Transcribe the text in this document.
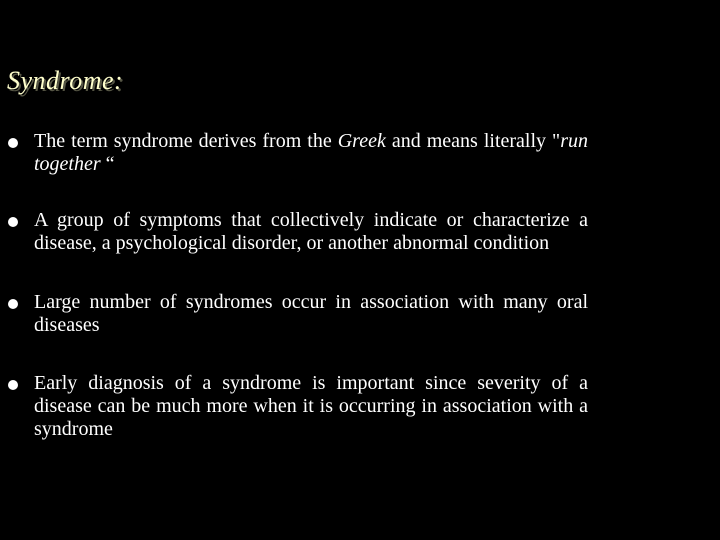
Syndrome:
The term syndrome derives from the Greek and means literally "run together “
A group of symptoms that collectively indicate or characterize a disease, a psychological disorder, or another abnormal condition
Large number of syndromes occur in association with many oral diseases
Early diagnosis of a syndrome is important since severity of a disease can be much more when it is occurring in association with a syndrome
